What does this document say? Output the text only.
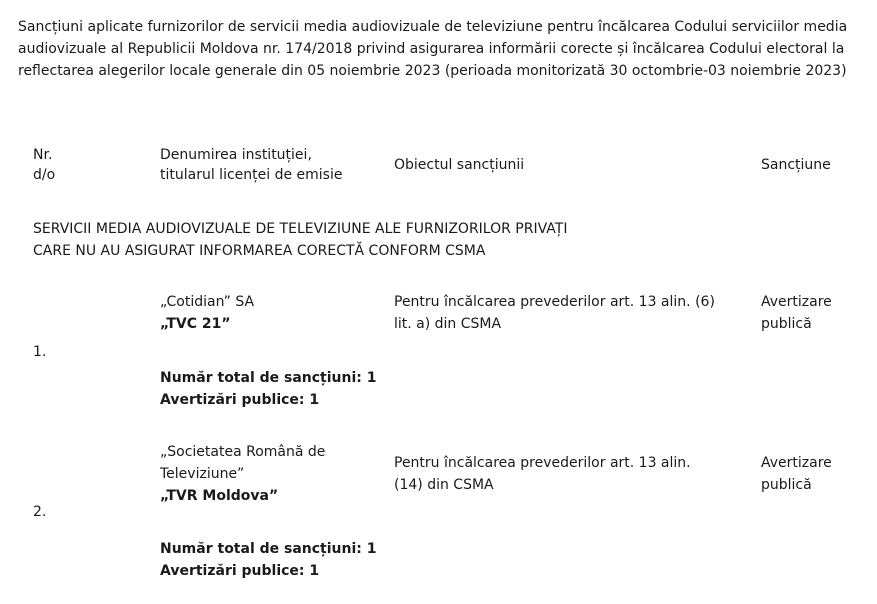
Sancțiuni aplicate furnizorilor de servicii media audiovizuale de televiziune pentru încălcarea Codului serviciilor media audiovizuale al Republicii Moldova nr. 174/2018 privind asigurarea informării corecte și încălcarea Codului electoral la reflectarea alegerilor locale generale din 05 noiembrie 2023 (perioada monitorizată 30 octombrie-03 noiembrie 2023)
Nr.
d/o
Denumirea instituției,
titularul licenței de emisie
Obiectul sancțiunii	Sancțiune
SERVICII MEDIA AUDIOVIZUALE DE TELEVIZIUNE ALE FURNIZORILOR PRIVAȚI
CARE NU AU ASIGURAT INFORMAREA CORECTĂ CONFORM CSMA
1.
„Cotidian” SA
„TVC 21”
Pentru încălcarea prevederilor art. 13 alin. (6)
lit. a) din CSMA
Avertizare
publică
Număr total de sancțiuni: 1
Avertizări publice: 1
2.
„Societatea Română de
Televiziune”
„TVR Moldova”
Pentru încălcarea prevederilor art. 13 alin.
(14) din CSMA
Avertizare
publică
Număr total de sancțiuni: 1
Avertizări publice: 1
